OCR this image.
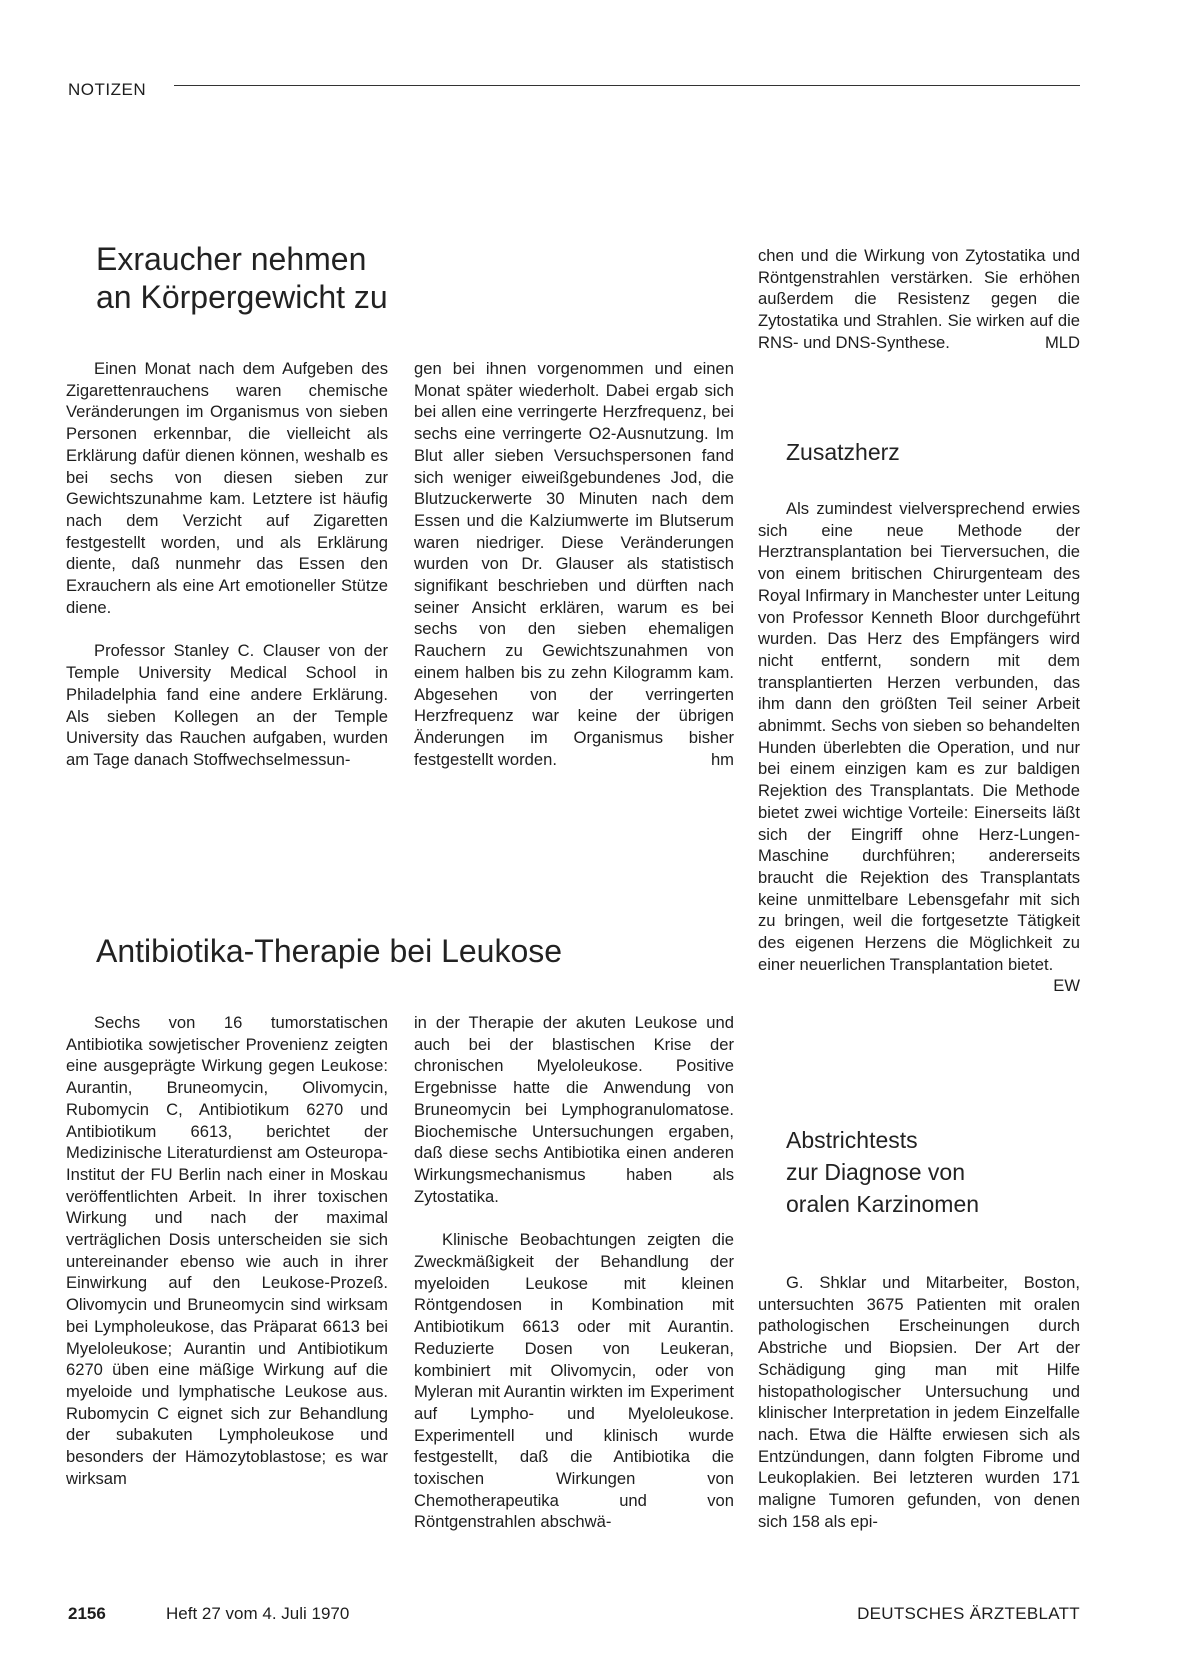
NOTIZEN
Exraucher nehmen
an Körpergewicht zu

Einen Monat nach dem Aufgeben des Zigarettenrauchens waren chemische Veränderungen im Organismus von sieben Personen erkennbar, die vielleicht als Erklärung dafür dienen können, weshalb es bei sechs von diesen sieben zur Gewichtszunahme kam. Letztere ist häufig nach dem Verzicht auf Zigaretten festgestellt worden, und als Erklärung diente, daß nunmehr das Essen den Exrauchern als eine Art emotioneller Stütze diene.

Professor Stanley C. Clauser von der Temple University Medical School in Philadelphia fand eine andere Erklärung. Als sieben Kollegen an der Temple University das Rauchen aufgaben, wurden am Tage danach Stoffwechselmessun-

gen bei ihnen vorgenommen und einen Monat später wiederholt. Dabei ergab sich bei allen eine verringerte Herzfrequenz, bei sechs eine verringerte O2-Ausnutzung. Im Blut aller sieben Versuchspersonen fand sich weniger eiweißgebundenes Jod, die Blutzuckerwerte 30 Minuten nach dem Essen und die Kalziumwerte im Blutserum waren niedriger. Diese Veränderungen wurden von Dr. Glauser als statistisch signifikant beschrieben und dürften nach seiner Ansicht erklären, warum es bei sechs von den sieben ehemaligen Rauchern zu Gewichtszunahmen von einem halben bis zu zehn Kilogramm kam. Abgesehen von der verringerten Herzfrequenz war keine der übrigen Änderungen im Organismus bisher festgestellt worden.	hm

Antibiotika-Therapie bei Leukose

Sechs von 16 tumorstatischen Antibiotika sowjetischer Provenienz zeigten eine ausgeprägte Wirkung gegen Leukose: Aurantin, Bruneomycin, Olivomycin, Rubomycin C, Antibiotikum 6270 und Antibiotikum 6613, berichtet der Medizinische Literaturdienst am Osteuropa-Institut der FU Berlin nach einer in Moskau veröffentlichten Arbeit. In ihrer toxischen Wirkung und nach der maximal verträglichen Dosis unterscheiden sie sich untereinander ebenso wie auch in ihrer Einwirkung auf den Leukose-Prozeß. Olivomycin und Bruneomycin sind wirksam bei Lympholeukose, das Präparat 6613 bei Myeloleukose; Aurantin und Antibiotikum 6270 üben eine mäßige Wirkung auf die myeloide und lymphatische Leukose aus. Rubomycin C eignet sich zur Behandlung der subakuten Lympholeukose und besonders der Hämozytoblastose; es war wirksam

in der Therapie der akuten Leukose und auch bei der blastischen Krise der chronischen Myeloleukose. Positive Ergebnisse hatte die Anwendung von Bruneomycin bei Lymphogranulomatose. Biochemische Untersuchungen ergaben, daß diese sechs Antibiotika einen anderen Wirkungsmechanismus haben als Zytostatika.

Klinische Beobachtungen zeigten die Zweckmäßigkeit der Behandlung der myeloiden Leukose mit kleinen Röntgendosen in Kombination mit Antibiotikum 6613 oder mit Aurantin. Reduzierte Dosen von Leukeran, kombiniert mit Olivomycin, oder von Myleran mit Aurantin wirkten im Experiment auf Lympho- und Myeloleukose. Experimentell und klinisch wurde festgestellt, daß die Antibiotika die toxischen Wirkungen von Chemotherapeutika und von Röntgenstrahlen abschwä-

chen und die Wirkung von Zytostatika und Röntgenstrahlen verstärken. Sie erhöhen außerdem die Resistenz gegen die Zytostatika und Strahlen. Sie wirken auf die RNS- und DNS-Synthese.	MLD

Zusatzherz

Als zumindest vielversprechend erwies sich eine neue Methode der Herztransplantation bei Tierversuchen, die von einem britischen Chirurgenteam des Royal Infirmary in Manchester unter Leitung von Professor Kenneth Bloor durchgeführt wurden. Das Herz des Empfängers wird nicht entfernt, sondern mit dem transplantierten Herzen verbunden, das ihm dann den größten Teil seiner Arbeit abnimmt. Sechs von sieben so behandelten Hunden überlebten die Operation, und nur bei einem einzigen kam es zur baldigen Rejektion des Transplantats. Die Methode bietet zwei wichtige Vorteile: Einerseits läßt sich der Eingriff ohne Herz-Lungen-Maschine durchführen; andererseits braucht die Rejektion des Transplantats keine unmittelbare Lebensgefahr mit sich zu bringen, weil die fortgesetzte Tätigkeit des eigenen Herzens die Möglichkeit zu einer neuerlichen Transplantation bietet.
EW

Abstrichtests
zur Diagnose von
oralen Karzinomen

G. Shklar und Mitarbeiter, Boston, untersuchten 3675 Patienten mit oralen pathologischen Erscheinungen durch Abstriche und Biopsien. Der Art der Schädigung ging man mit Hilfe histopathologischer Untersuchung und klinischer Interpretation in jedem Einzelfalle nach. Etwa die Hälfte erwiesen sich als Entzündungen, dann folgten Fibrome und Leukoplakien. Bei letzteren wurden 171 maligne Tumoren gefunden, von denen sich 158 als epi-

2156	Heft 27 vom 4. Juli 1970	DEUTSCHES ÄRZTEBLATT
